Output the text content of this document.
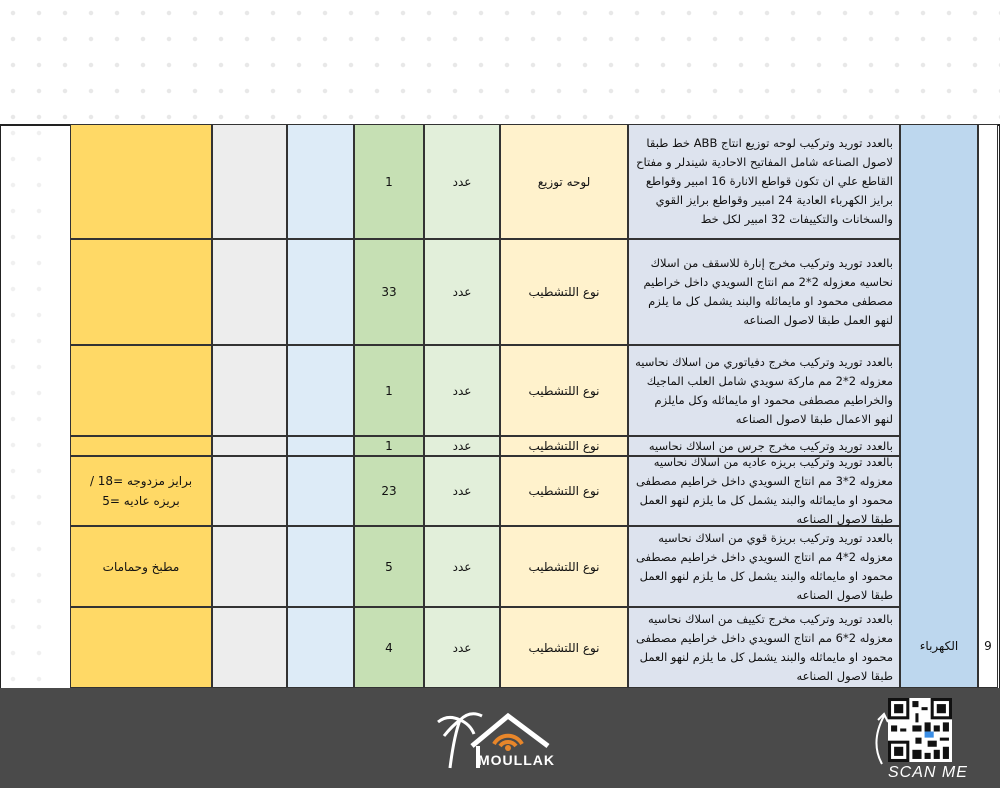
9
الكهرباء
بالعدد توريد وتركيب لوحه توزيع انتاج ABB خط طبقا لاصول الصناعه شامل المفاتيح الاحادية شيندلر و مفتاح القاطع علي ان تكون قواطع الانارة 16 امبير وقواطع برايز الكهرباء العادية 24 امبير وقواطع برايز القوي والسخانات والتكييفات 32 امبير لكل خط
لوحه توزيع
عدد
1
بالعدد توريد وتركيب مخرج إنارة للاسقف من اسلاك نحاسيه معزوله 2*2 مم انتاج السويدي داخل خراطيم مصطفى محمود او مايماثله والبند يشمل كل ما يلزم لنهو العمل طبقا لاصول الصناعه
نوع اللتشطيب
عدد
33
بالعدد توريد وتركيب مخرج دفياتوري من اسلاك نحاسيه معزوله 2*2 مم ماركة سويدي شامل العلب الماجيك والخراطيم مصطفى محمود او مايماثله وكل مايلزم لنهو الاعمال طبقا لاصول الصناعه
نوع اللتشطيب
عدد
1
بالعدد توريد وتركيب مخرج جرس من اسلاك نحاسيه
نوع اللتشطيب
عدد
1
بالعدد توريد وتركيب بريزه عاديه من اسلاك نحاسيه معزوله 2*3 مم انتاج السويدي داخل خراطيم مصطفى محمود او مايماثله والبند يشمل كل ما يلزم لنهو العمل طبقا لاصول الصناعه
نوع اللتشطيب
عدد
23
برايز مزدوجه =18 / بريزه عاديه =5
بالعدد توريد وتركيب بريزة قوي من اسلاك نحاسيه معزوله 2*4 مم انتاج السويدي داخل خراطيم مصطفى محمود او مايماثله والبند يشمل كل ما يلزم لنهو العمل طبقا لاصول الصناعه
نوع اللتشطيب
عدد
5
مطبخ وحمامات
بالعدد توريد وتركيب مخرج تكييف من اسلاك نحاسيه معزوله 2*6 مم انتاج السويدي داخل خراطيم مصطفى محمود او مايماثله والبند يشمل كل ما يلزم لنهو العمل طبقا لاصول الصناعه
نوع اللتشطيب
عدد
4
MOULLAK
SCAN ME
